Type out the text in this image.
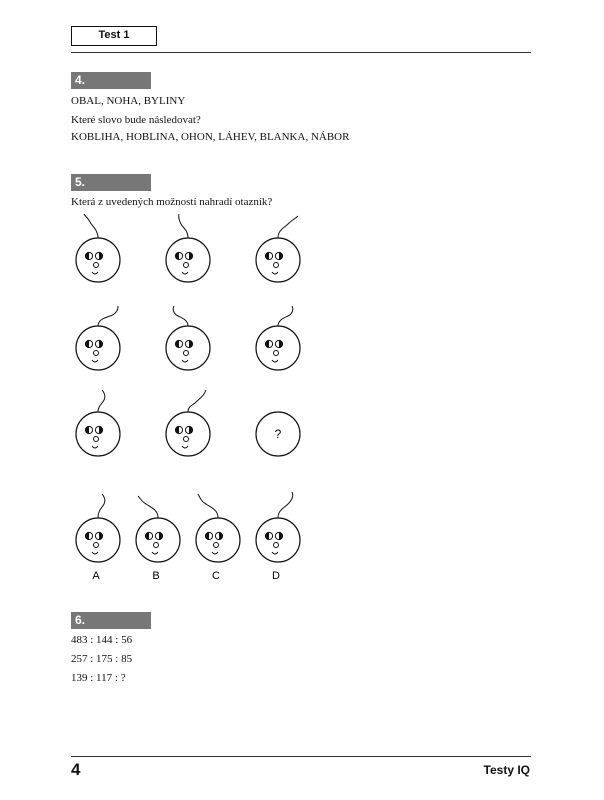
Test 1
4.
OBAL, NOHA, BYLINY
Které slovo bude následovat?
KOBLIHA, HOBLINA, OHON, LÁHEV, BLANKA, NÁBOR
5.
Která z uvedených možností nahradí otazník?
?
A	B	C	D
6.
483 : 144 : 56
257 : 175 : 85
139 : 117 : ?
4	Testy IQ
